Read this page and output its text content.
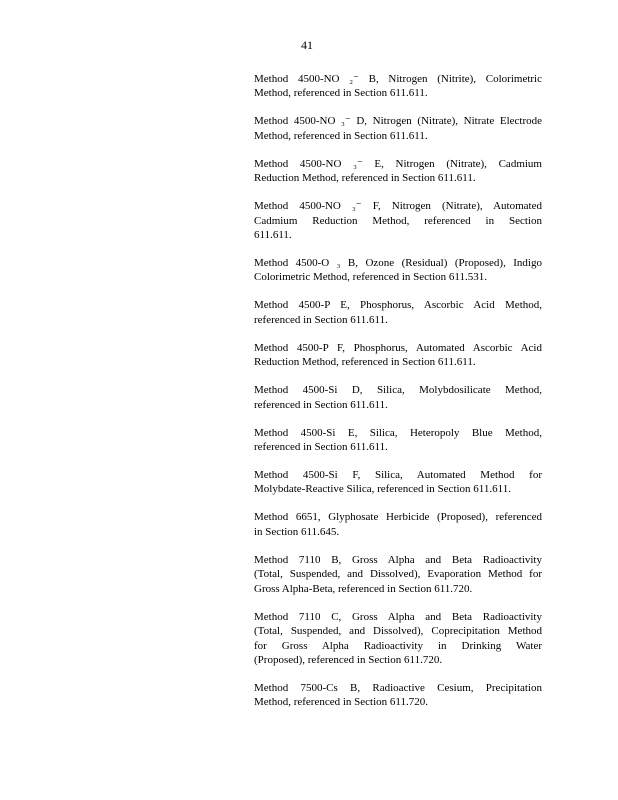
41

Method 4500-NO ₂⁻ B, Nitrogen (Nitrite), Colorimetric
Method, referenced in Section 611.611.

Method 4500-NO ₃⁻ D, Nitrogen (Nitrate), Nitrate Electrode
Method, referenced in Section 611.611.

Method 4500-NO ₃⁻ E, Nitrogen (Nitrate), Cadmium
Reduction Method, referenced in Section 611.611.

Method 4500-NO ₃⁻ F, Nitrogen (Nitrate), Automated
Cadmium Reduction Method, referenced in Section
611.611.

Method 4500-O ₃ B, Ozone (Residual) (Proposed), Indigo
Colorimetric Method, referenced in Section 611.531.

Method 4500-P E, Phosphorus, Ascorbic Acid Method,
referenced in Section 611.611.

Method 4500-P F, Phosphorus, Automated Ascorbic Acid
Reduction Method, referenced in Section 611.611.

Method 4500-Si D, Silica, Molybdosilicate Method,
referenced in Section 611.611.

Method 4500-Si E, Silica, Heteropoly Blue Method,
referenced in Section 611.611.

Method 4500-Si F, Silica, Automated Method for
Molybdate-Reactive Silica, referenced in Section 611.611.

Method 6651, Glyphosate Herbicide (Proposed), referenced
in Section 611.645.

Method 7110 B, Gross Alpha and Beta Radioactivity
(Total, Suspended, and Dissolved), Evaporation Method for
Gross Alpha-Beta, referenced in Section 611.720.

Method 7110 C, Gross Alpha and Beta Radioactivity
(Total, Suspended, and Dissolved), Coprecipitation Method
for Gross Alpha Radioactivity in Drinking Water
(Proposed), referenced in Section 611.720.

Method 7500-Cs B, Radioactive Cesium, Precipitation
Method, referenced in Section 611.720.
